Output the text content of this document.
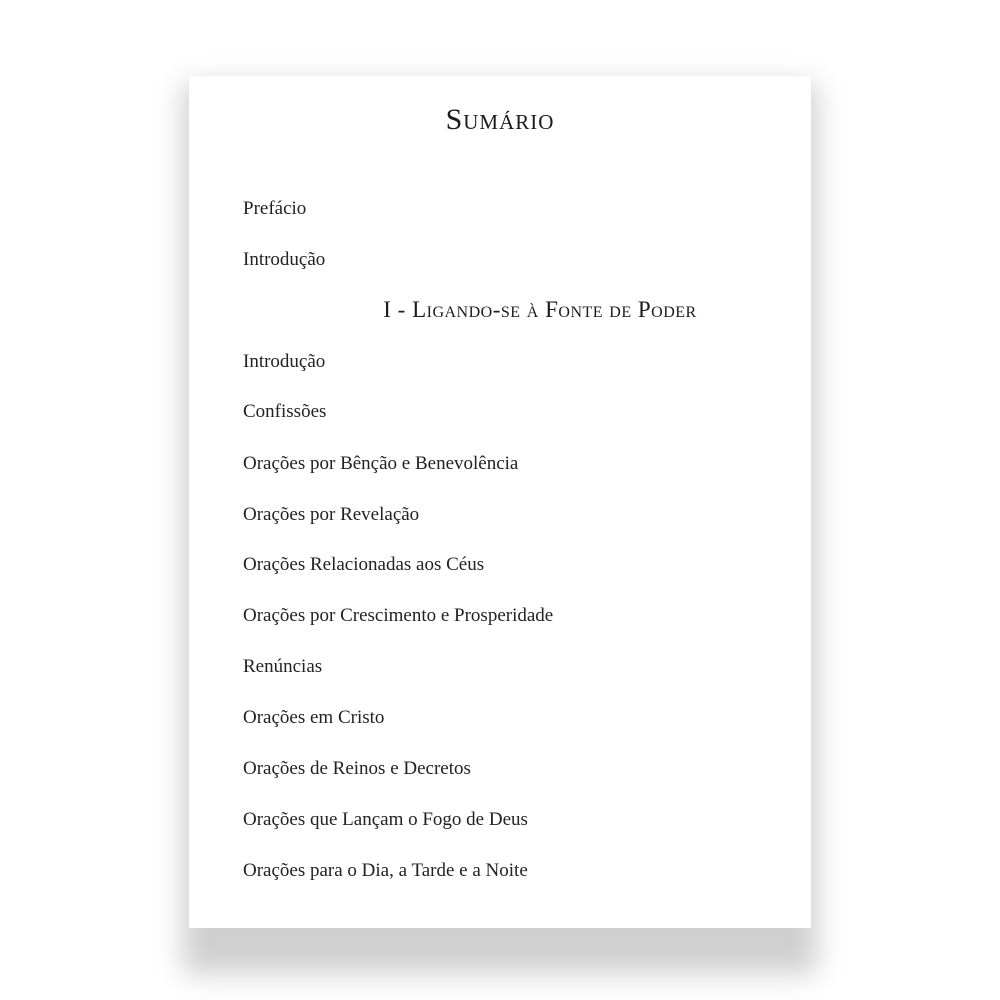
Sumário
Prefácio
Introdução
I - Ligando-se à Fonte de Poder
Introdução
Confissões
Orações por Bênção e Benevolência
Orações por Revelação
Orações Relacionadas aos Céus
Orações por Crescimento e Prosperidade
Renúncias
Orações em Cristo
Orações de Reinos e Decretos
Orações que Lançam o Fogo de Deus
Orações para o Dia, a Tarde e a Noite
